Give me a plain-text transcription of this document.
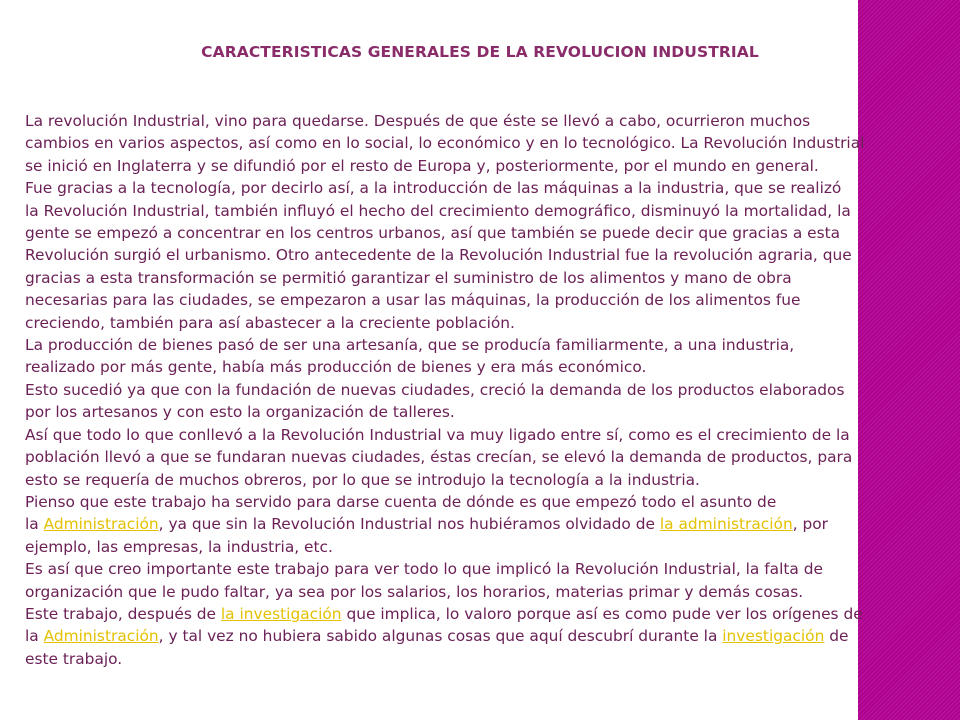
CARACTERISTICAS GENERALES DE LA REVOLUCION INDUSTRIAL
La revolución Industrial, vino para quedarse. Después de que éste se llevó a cabo, ocurrieron muchos
cambios en varios aspectos, así como en lo social, lo económico y en lo tecnológico. La Revolución Industrial
se inició en Inglaterra y se difundió por el resto de Europa y, posteriormente, por el mundo en general.
Fue gracias a la tecnología, por decirlo así, a la introducción de las máquinas a la industria, que se realizó
la Revolución Industrial, también influyó el hecho del crecimiento demográfico, disminuyó la mortalidad, la
gente se empezó a concentrar en los centros urbanos, así que también se puede decir que gracias a esta
Revolución surgió el urbanismo. Otro antecedente de la Revolución Industrial fue la revolución agraria, que
gracias a esta transformación se permitió garantizar el suministro de los alimentos y mano de obra
necesarias para las ciudades, se empezaron a usar las máquinas, la producción de los alimentos fue
creciendo, también para así abastecer a la creciente población.
La producción de bienes pasó de ser una artesanía, que se producía familiarmente, a una industria,
realizado por más gente, había más producción de bienes y era más económico.
Esto sucedió ya que con la fundación de nuevas ciudades, creció la demanda de los productos elaborados
por los artesanos y con esto la organización de talleres.
Así que todo lo que conllevó a la Revolución Industrial va muy ligado entre sí, como es el crecimiento de la
población llevó a que se fundaran nuevas ciudades, éstas crecían, se elevó la demanda de productos, para
esto se requería de muchos obreros, por lo que se introdujo la tecnología a la industria.
Pienso que este trabajo ha servido para darse cuenta de dónde es que empezó todo el asunto de
la Administración, ya que sin la Revolución Industrial nos hubiéramos olvidado de la administración, por
ejemplo, las empresas, la industria, etc.
Es así que creo importante este trabajo para ver todo lo que implicó la Revolución Industrial, la falta de
organización que le pudo faltar, ya sea por los salarios, los horarios, materias primar y demás cosas.
Este trabajo, después de la investigación que implica, lo valoro porque así es como pude ver los orígenes de
la Administración, y tal vez no hubiera sabido algunas cosas que aquí descubrí durante la investigación de
este trabajo.
